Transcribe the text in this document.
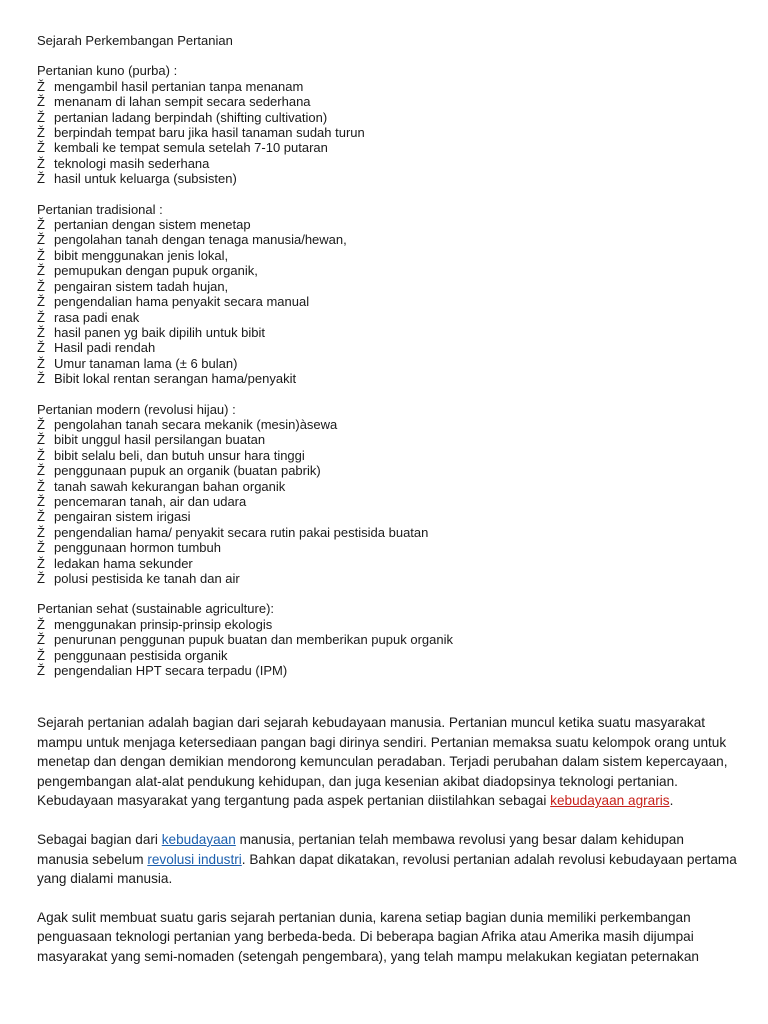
Sejarah Perkembangan Pertanian
Pertanian kuno (purba) :
Ž mengambil hasil pertanian tanpa menanam
Ž menanam di lahan sempit secara sederhana
Ž pertanian ladang berpindah (shifting cultivation)
Ž berpindah tempat baru jika hasil tanaman sudah turun
Ž kembali ke tempat semula setelah 7-10 putaran
Ž teknologi masih sederhana
Ž hasil untuk keluarga (subsisten)
Pertanian tradisional :
Ž pertanian dengan sistem menetap
Ž pengolahan tanah dengan tenaga manusia/hewan,
Ž bibit menggunakan jenis lokal,
Ž pemupukan dengan pupuk organik,
Ž pengairan sistem tadah hujan,
Ž pengendalian hama penyakit secara manual
Ž rasa padi enak
Ž hasil panen yg baik dipilih untuk bibit
Ž Hasil padi rendah
Ž Umur tanaman lama (± 6 bulan)
Ž Bibit lokal rentan serangan hama/penyakit
Pertanian modern (revolusi hijau) :
Ž pengolahan tanah secara mekanik (mesin)àsewa
Ž bibit unggul hasil persilangan buatan
Ž bibit selalu beli, dan butuh unsur hara tinggi
Ž penggunaan pupuk an organik (buatan pabrik)
Ž tanah sawah kekurangan bahan organik
Ž pencemaran tanah, air dan udara
Ž pengairan sistem irigasi
Ž pengendalian hama/ penyakit secara rutin pakai pestisida buatan
Ž penggunaan hormon tumbuh
Ž ledakan hama sekunder
Ž polusi pestisida ke tanah dan air
Pertanian sehat (sustainable agriculture):
Ž menggunakan prinsip-prinsip ekologis
Ž penurunan penggunan pupuk buatan dan memberikan pupuk organik
Ž penggunaan pestisida organik
Ž pengendalian HPT secara terpadu (IPM)

Sejarah pertanian adalah bagian dari sejarah kebudayaan manusia. Pertanian muncul ketika suatu masyarakat mampu untuk menjaga ketersediaan pangan bagi dirinya sendiri. Pertanian memaksa suatu kelompok orang untuk menetap dan dengan demikian mendorong kemunculan peradaban. Terjadi perubahan dalam sistem kepercayaan, pengembangan alat-alat pendukung kehidupan, dan juga kesenian akibat diadopsinya teknologi pertanian. Kebudayaan masyarakat yang tergantung pada aspek pertanian diistilahkan sebagai kebudayaan agraris.

Sebagai bagian dari kebudayaan manusia, pertanian telah membawa revolusi yang besar dalam kehidupan manusia sebelum revolusi industri. Bahkan dapat dikatakan, revolusi pertanian adalah revolusi kebudayaan pertama yang dialami manusia.

Agak sulit membuat suatu garis sejarah pertanian dunia, karena setiap bagian dunia memiliki perkembangan penguasaan teknologi pertanian yang berbeda-beda. Di beberapa bagian Afrika atau Amerika masih dijumpai masyarakat yang semi-nomaden (setengah pengembara), yang telah mampu melakukan kegiatan peternakan
